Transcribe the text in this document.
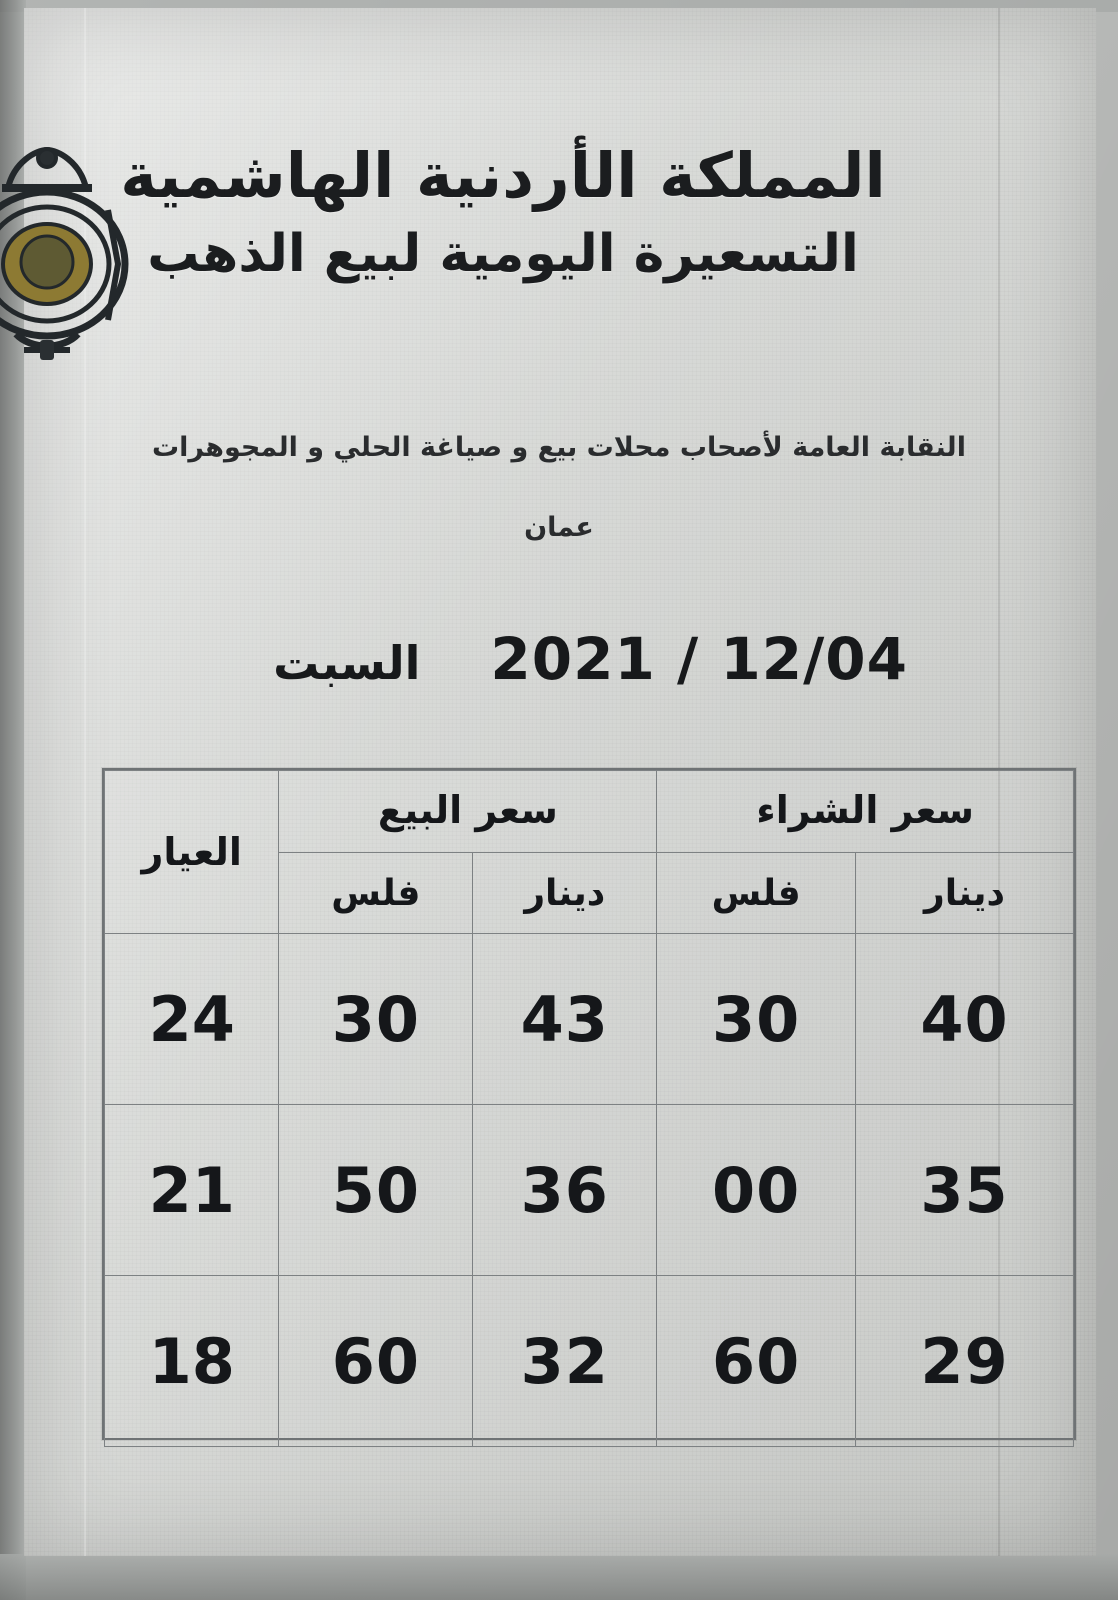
المملكة الأردنية الهاشمية
التسعيرة اليومية لبيع الذهب
النقابة العامة لأصحاب محلات بيع و صياغة الحلي و المجوهرات
عمان
2021 / 12/04
السبت
سعر الشراء		سعر البيع		العيار
دينار	فلس	دينار	فلس	
40	30	43	30	24
35	00	36	50	21
29	60	32	60	18
